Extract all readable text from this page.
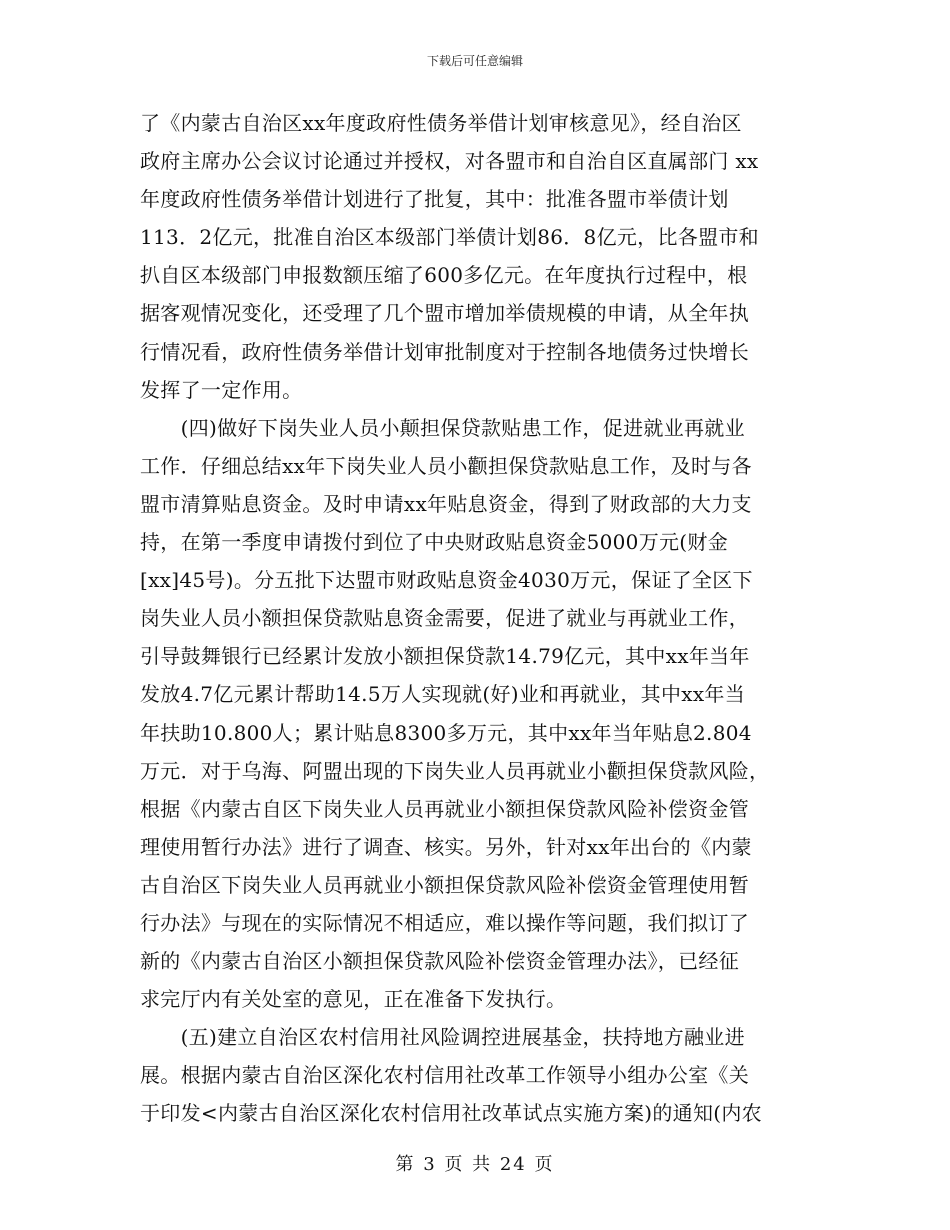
下载后可任意编辑
了《内蒙古自治区xx年度政府性债务举借计划审核意见》，经自治区
政府主席办公会议讨论通过并授权，对各盟市和自治自区直属部门 xx
年度政府性债务举借计划进行了批复，其中：批准各盟市举债计划
113．2亿元，批准自治区本级部门举债计划86．8亿元，比各盟市和
扒自区本级部门申报数额压缩了600多亿元。在年度执行过程中，根
据客观情况变化，还受理了几个盟市增加举债规模的申请，从全年执
行情况看，政府性债务举借计划审批制度对于控制各地债务过快增长
发挥了一定作用。
　　(四)做好下岗失业人员小颠担保贷款贴患工作，促进就业再就业
工作．仔细总结xx年下岗失业人员小颧担保贷款贴息工作，及时与各
盟市清算贴息资金。及时申请xx年贴息资金，得到了财政部的大力支
持，在第一季度申请拨付到位了中央财政贴息资金5000万元(财金
[xx]45号)。分五批下达盟市财政贴息资金4030万元，保证了全区下
岗失业人员小额担保贷款贴息资金需要，促进了就业与再就业工作，
引导鼓舞银行已经累计发放小额担保贷款14.79亿元，其中xx年当年
发放4.7亿元累计帮助14.5万人实现就(好)业和再就业，其中xx年当
年扶助10.800人；累计贴息8300多万元，其中xx年当年贴息2.804
万元．对于乌海、阿盟出现的下岗失业人员再就业小颧担保贷款风险，
根据《内蒙古自区下岗失业人员再就业小额担保贷款风险补偿资金管
理使用暂行办法》进行了调查、核实。另外，针对xx年出台的《内蒙
古自治区下岗失业人员再就业小额担保贷款风险补偿资金管理使用暂
行办法》与现在的实际情况不相适应，难以操作等问题，我们拟订了
新的《内蒙古自治区小额担保贷款风险补偿资金管理办法》，已经征
求完厅内有关处室的意见，正在准备下发执行。
　　(五)建立自治区农村信用社风险调控进展基金，扶持地方融业进
展。根据内蒙古自治区深化农村信用社改革工作领导小组办公室《关
于印发<内蒙古自治区深化农村信用社改革试点实施方案)的通知(内农
第 3 页 共 24 页
